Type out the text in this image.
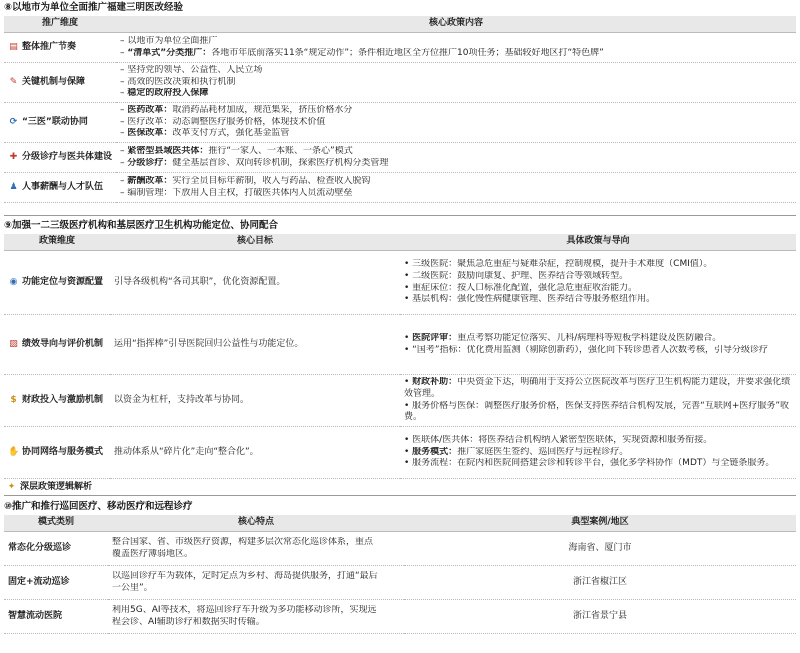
⑧以地市为单位全面推广福建三明医改经验
推广维度	核心政策内容
▤ 整体推广节奏	– 以地市为单位全面推广
– “清单式”分类推广：各地市年底前落实11条“规定动作”；条件相近地区全方位推广10项任务；基础较好地区打“特色牌”

✎ 关键机制与保障	– 坚持党的领导、公益性、人民立场
– 高效的医改决策和执行机制
– 稳定的政府投入保障

⟳ “三医”联动协同	– 医药改革：取消药品耗材加成，规范集采，挤压价格水分
– 医疗改革：动态调整医疗服务价格，体现技术价值
– 医保改革：改革支付方式，强化基金监管

✚ 分级诊疗与医共体建设	– 紧密型县域医共体：推行“一家人、一本账、一条心”模式
– 分级诊疗：健全基层首诊、双向转诊机制，探索医疗机构分类管理

♟ 人事薪酬与人才队伍	– 薪酬改革：实行全员目标年薪制，收入与药品、检查收入脱钩
– 编制管理：下放用人自主权，打破医共体内人员流动壁垒
⑨加强一二三级医疗机构和基层医疗卫生机构功能定位、协同配合
政策维度	核心目标	具体政策与导向
◉ 功能定位与资源配置	引导各级机构“各司其职”，优化资源配置。	• 三级医院：聚焦急危重症与疑难杂症，控制规模，提升手术难度（CMI值）。
• 二级医院：鼓励向康复、护理、医养结合等领域转型。
• 重症床位：按人口标准化配置，强化急危重症收治能力。
• 基层机构：强化慢性病健康管理、医养结合等服务枢纽作用。

▨ 绩效导向与评价机制	运用“指挥棒”引导医院回归公益性与功能定位。	• 医院评审：重点考察功能定位落实、儿科/病理科等短板学科建设及医防融合。
• “国考”指标：优化费用监测（剔除创新药），强化向下转诊患者人次数考核，引导分级诊疗

$ 财政投入与激励机制	以资金为杠杆，支持改革与协同。	• 财政补助：中央资金下达，明确用于支持公立医院改革与医疗卫生机构能力建设，并要求强化绩效管理。
• 服务价格与医保：调整医疗服务价格，医保支持医养结合机构发展，完善“互联网+医疗服务”收费。

✋ 协同网络与服务模式	推动体系从“碎片化”走向“整合化”。	• 医联体/医共体：将医养结合机构纳入紧密型医联体，实现资源和服务衔接。
• 服务模式：推广家庭医生签约、巡回医疗与远程诊疗。
• 服务流程：在院内和医院间搭建会诊和转诊平台，强化多学科协作（MDT）与全链条服务。
✦ 深层政策逻辑解析
⑩推广和推行巡回医疗、移动医疗和远程诊疗
模式类别	核心特点	典型案例/地区
常态化分级巡诊	整合国家、省、市级医疗资源，构建多层次常态化巡诊体系，重点
覆盖医疗薄弱地区。	海南省、厦门市
固定+流动巡诊	以巡回诊疗车为载体，定时定点为乡村、海岛提供服务，打通“最后
一公里”。	浙江省椒江区
智慧流动医院	利用5G、AI等技术，将巡回诊疗车升级为多功能移动诊所，实现远
程会诊、AI辅助诊疗和数据实时传输。	浙江省景宁县
